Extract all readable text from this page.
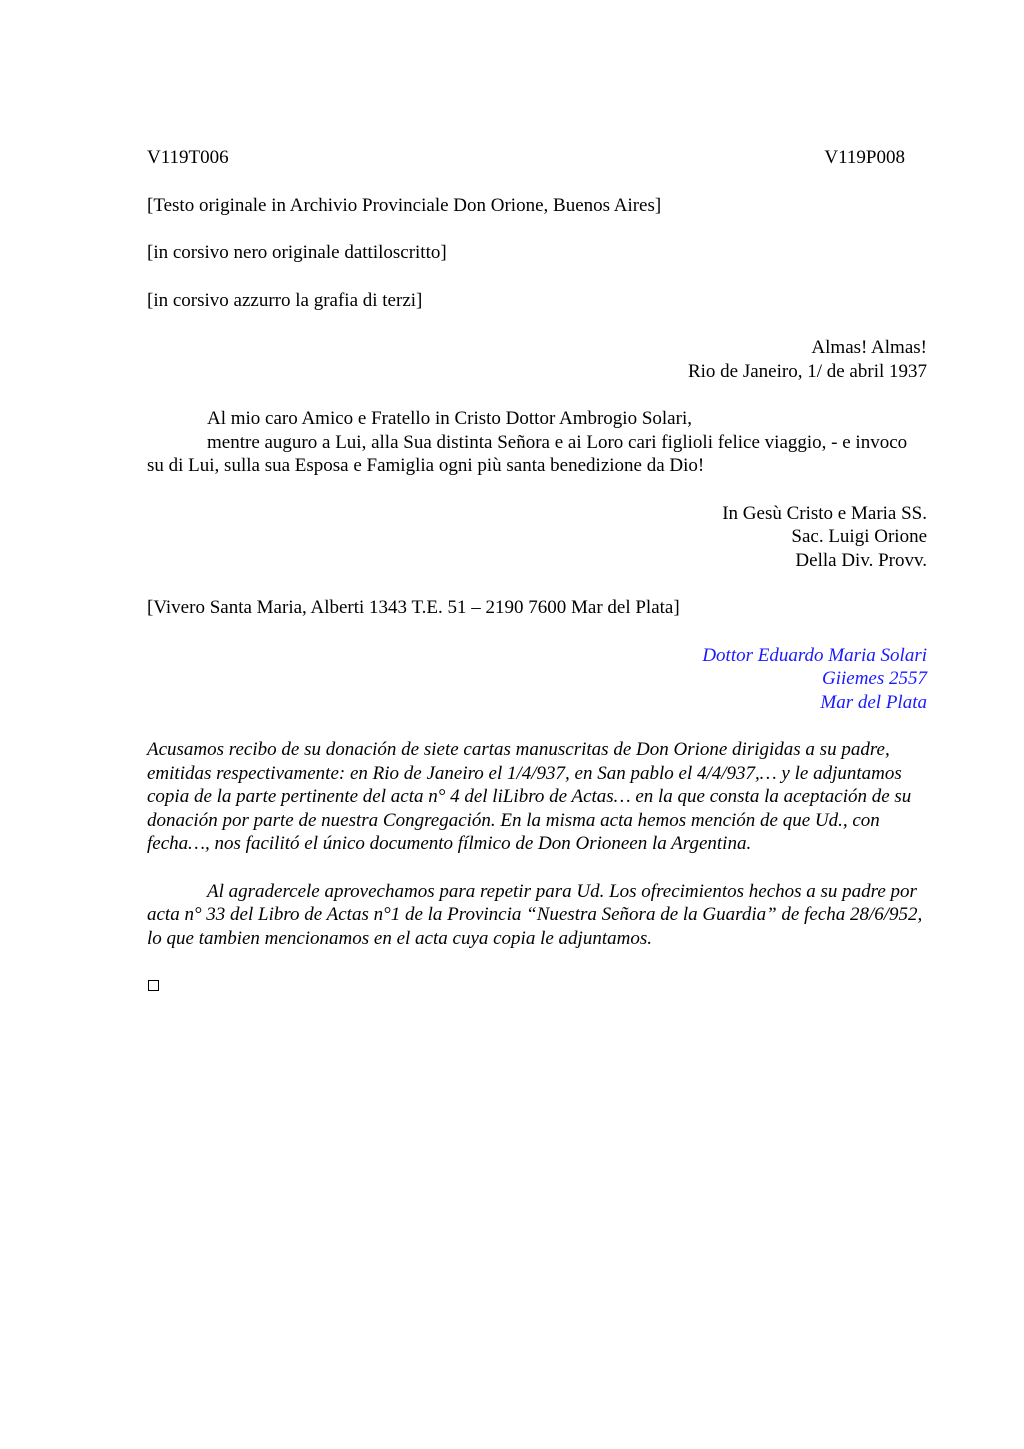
V119T006	V119P008

[Testo originale in Archivio Provinciale Don Orione, Buenos Aires]

[in corsivo nero originale dattiloscritto]

[in corsivo azzurro la grafia di terzi]

Almas! Almas!

Rio de Janeiro, 1/ de abril 1937

Al mio caro Amico e Fratello in Cristo Dottor Ambrogio Solari,

mentre auguro a Lui, alla Sua distinta Señora e ai Loro cari figlioli felice viaggio, - e invoco su di Lui, sulla sua Esposa e Famiglia ogni più santa benedizione da Dio!

In Gesù Cristo e Maria SS.

Sac. Luigi Orione

Della Div. Provv.

[Vivero Santa Maria, Alberti 1343 T.E. 51 – 2190 7600 Mar del Plata]

Dottor Eduardo Maria Solari

Giiemes 2557

Mar del Plata

Acusamos recibo de su donación de siete cartas manuscritas de Don Orione dirigidas a su padre, emitidas respectivamente: en Rio de Janeiro el 1/4/937, en San pablo el 4/4/937,… y le adjuntamos copia de la parte pertinente del acta n° 4 del liLibro de Actas… en la que consta la aceptación de su donación por parte de nuestra Congregación. En la misma acta hemos mención de que Ud., con fecha…, nos facilitó el único documento fílmico de Don Orioneen la Argentina.

Al agradercele aprovechamos para repetir para Ud. Los ofrecimientos hechos a su padre por acta n° 33 del Libro de Actas n°1 de la Provincia “Nuestra Señora de la Guardia” de fecha 28/6/952, lo que tambien mencionamos en el acta cuya copia le adjuntamos.
